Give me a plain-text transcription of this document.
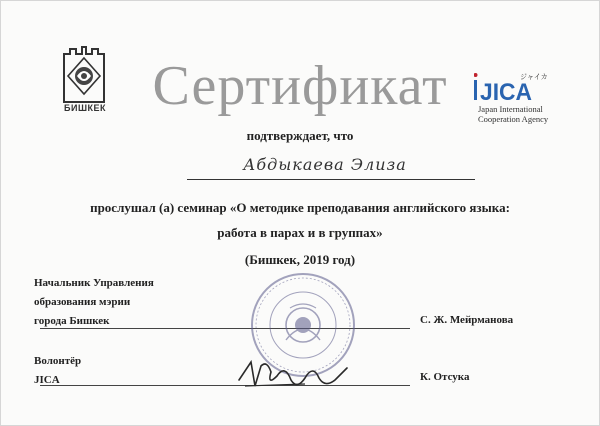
БИШКЕК Сертификат	JICA
ジャイカ
Japan International
Cooperation Agency
подтверждает, что
Абдыкаева Элиза
прослушал (а) семинар «О методике преподавания английского языка:
работа в парах и в группах»
(Бишкек, 2019 год)
Начальник Управления
образования мэрии
города Бишкек	С. Ж. Мейрманова
Волонтёр
JICA	К. Отсука
